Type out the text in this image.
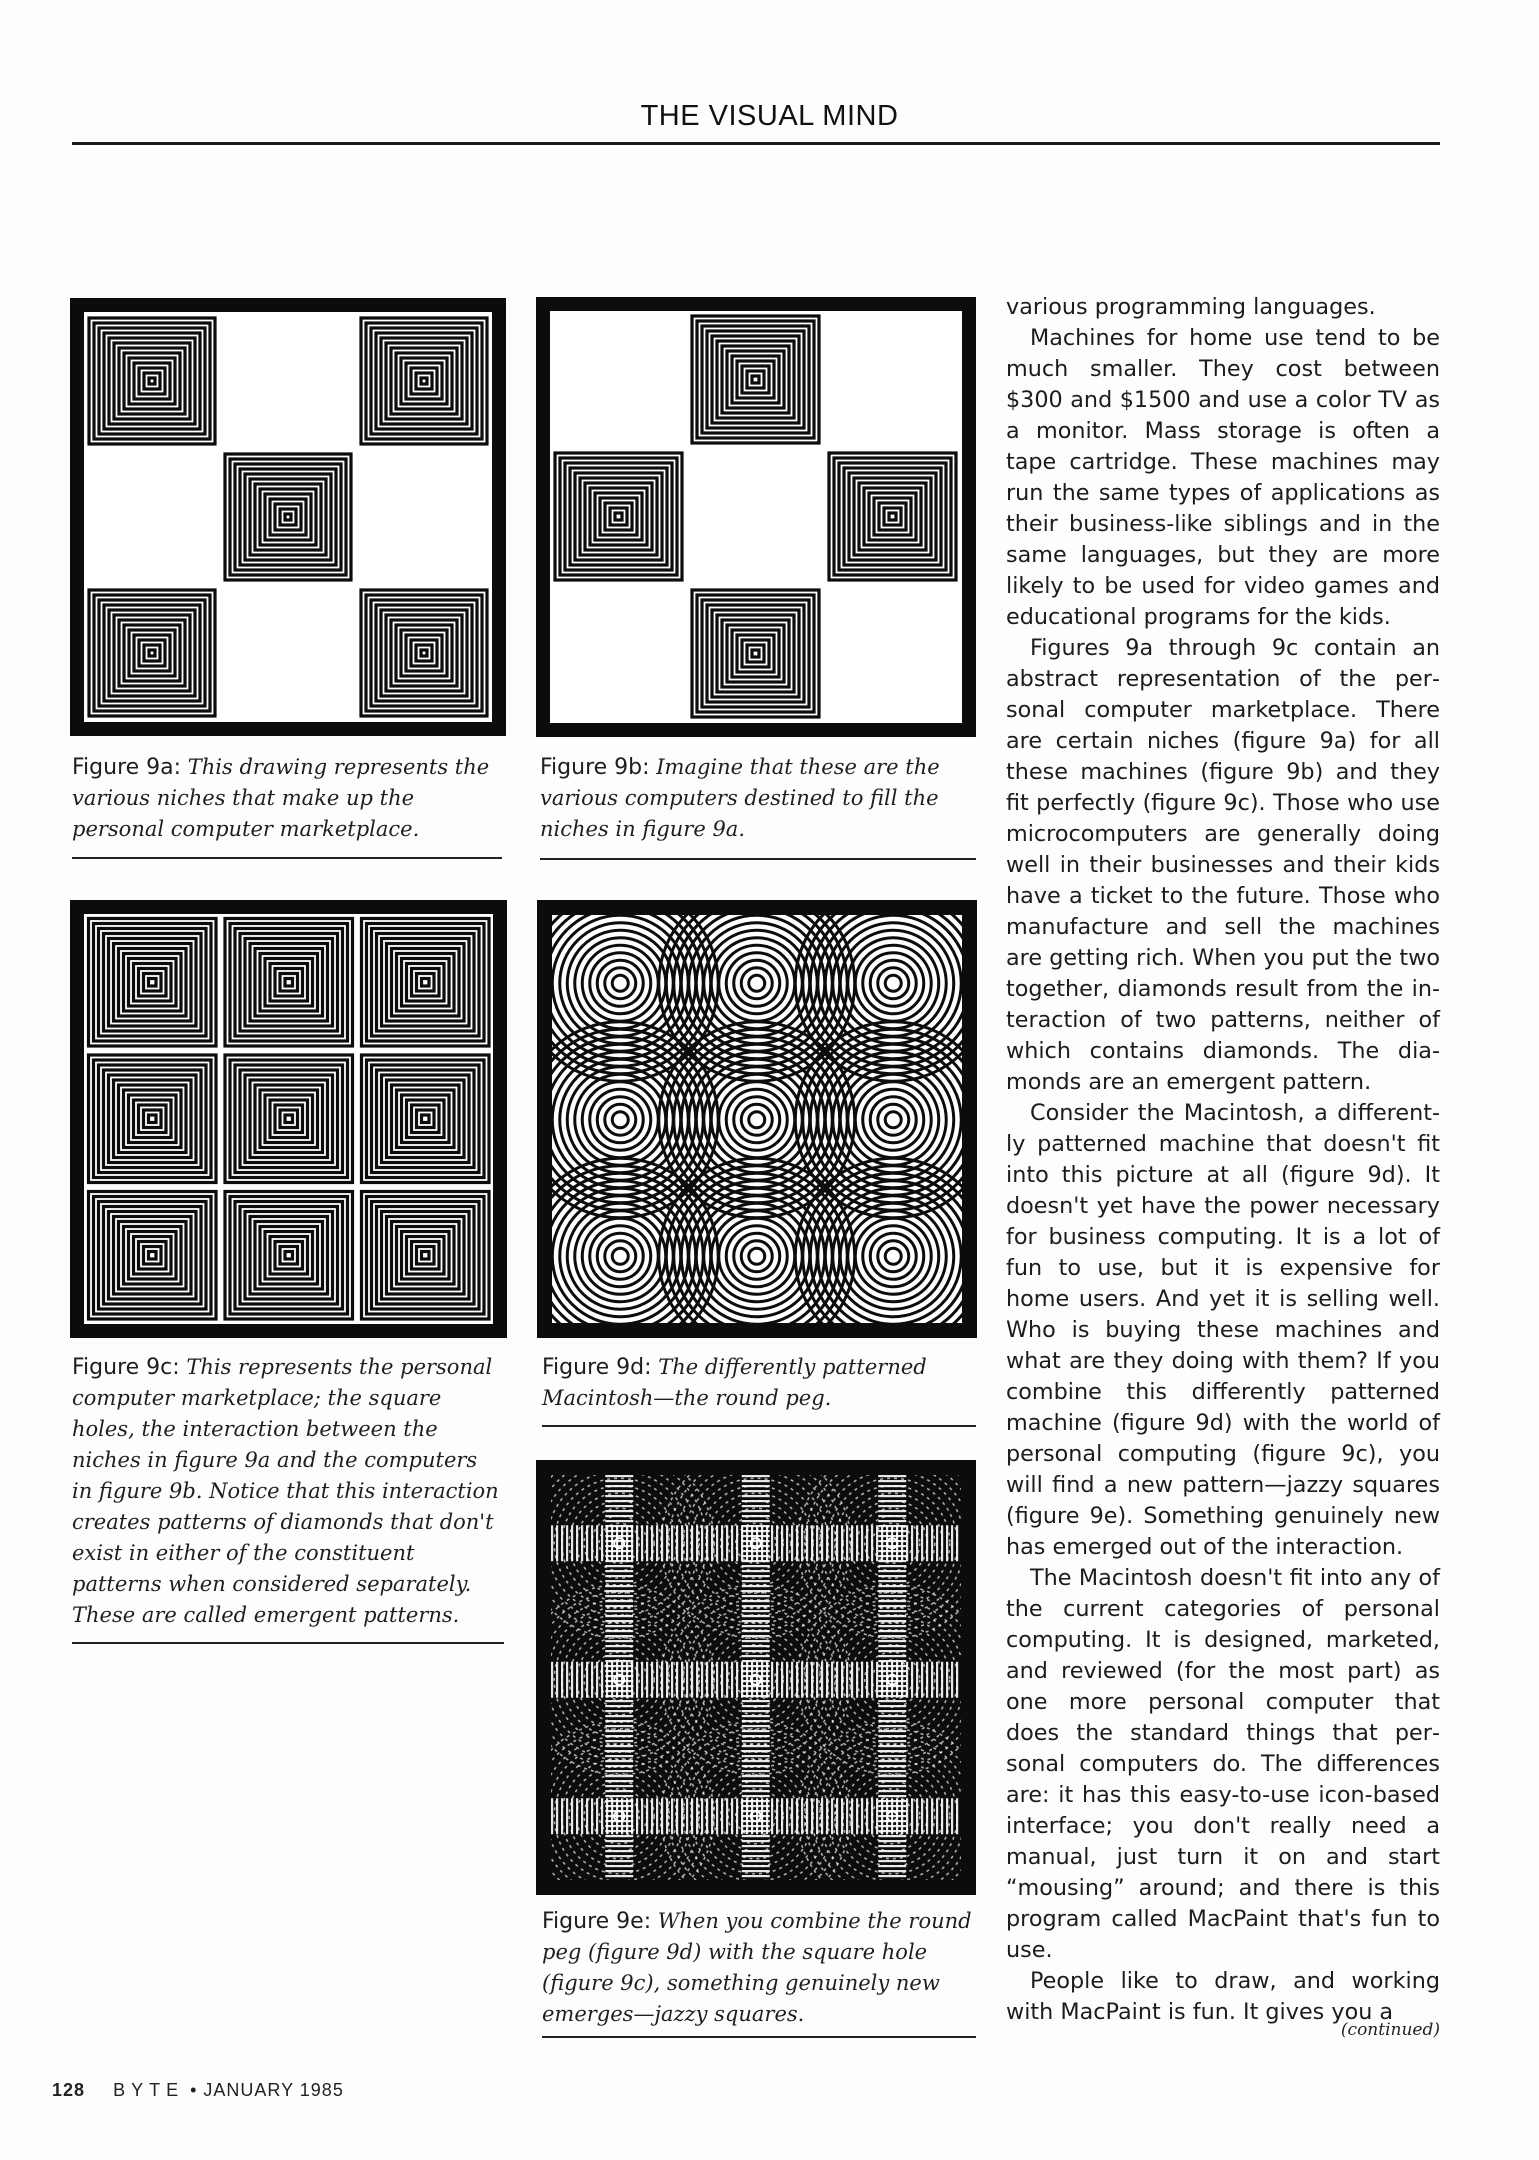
THE VISUAL MIND
Figure 9a: This drawing represents the various niches that make up the personal computer marketplace.
Figure 9b: Imagine that these are the various computers destined to fill the niches in figure 9a.
Figure 9c: This represents the personal computer marketplace; the square holes, the interaction between the niches in figure 9a and the computers in figure 9b. Notice that this interaction creates patterns of diamonds that don't exist in either of the constituent patterns when considered separately. These are called emergent patterns.
Figure 9d: The differently patterned Macintosh—the round peg.
Figure 9e: When you combine the round peg (figure 9d) with the square hole (figure 9c), something genuinely new emerges—jazzy squares.

various programming languages.

Machines for home use tend to be much smaller. They cost between $300 and $1500 and use a color TV as a monitor. Mass storage is often a tape cartridge. These machines may run the same types of applications as their business-like siblings and in the same languages, but they are more likely to be used for video games and educational programs for the kids.

Figures 9a through 9c contain an abstract representation of the personal computer marketplace. There are certain niches (figure 9a) for all these machines (figure 9b) and they fit perfectly (figure 9c). Those who use microcomputers are generally doing well in their businesses and their kids have a ticket to the future. Those who manufacture and sell the machines are getting rich. When you put the two together, diamonds result from the interaction of two patterns, neither of which contains diamonds. The diamonds are an emergent pattern.

Consider the Macintosh, a differently patterned machine that doesn't fit into this picture at all (figure 9d). It doesn't yet have the power necessary for business computing. It is a lot of fun to use, but it is expensive for home users. And yet it is selling well. Who is buying these machines and what are they doing with them? If you combine this differently patterned machine (figure 9d) with the world of personal computing (figure 9c), you will find a new pattern—jazzy squares (figure 9e). Something genuinely new has emerged out of the interaction.

The Macintosh doesn't fit into any of the current categories of personal computing. It is designed, marketed, and reviewed (for the most part) as one more personal computer that does the standard things that personal computers do. The differences are: it has this easy-to-use icon-based interface; you don't really need a manual, just turn it on and start “mousing” around; and there is this program called MacPaint that's fun to use.

People like to draw, and working with MacPaint is fun. It gives you a

(continued)
128 BYTE • JANUARY 1985
